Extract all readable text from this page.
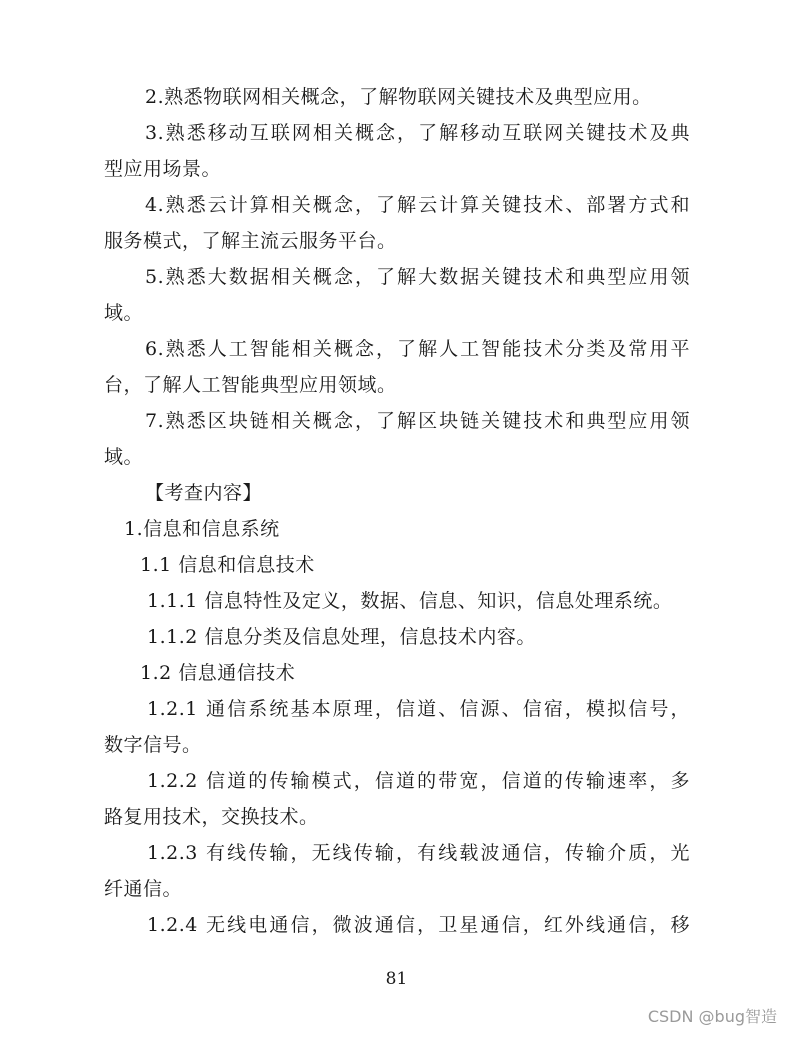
2.熟悉物联网相关概念，了解物联网关键技术及典型应用。
3.熟悉移动互联网相关概念，了解移动互联网关键技术及典
型应用场景。
4.熟悉云计算相关概念，了解云计算关键技术、部署方式和
服务模式，了解主流云服务平台。
5.熟悉大数据相关概念，了解大数据关键技术和典型应用领
域。
6.熟悉人工智能相关概念，了解人工智能技术分类及常用平
台，了解人工智能典型应用领域。
7.熟悉区块链相关概念，了解区块链关键技术和典型应用领
域。
【考查内容】
1.信息和信息系统
1.1 信息和信息技术
1.1.1 信息特性及定义，数据、信息、知识，信息处理系统。
1.1.2 信息分类及信息处理，信息技术内容。
1.2 信息通信技术
1.2.1 通信系统基本原理，信道、信源、信宿，模拟信号，
数字信号。
1.2.2 信道的传输模式，信道的带宽，信道的传输速率，多
路复用技术，交换技术。
1.2.3 有线传输，无线传输，有线载波通信，传输介质，光
纤通信。
1.2.4 无线电通信，微波通信，卫星通信，红外线通信，移
81
CSDN @bug智造
